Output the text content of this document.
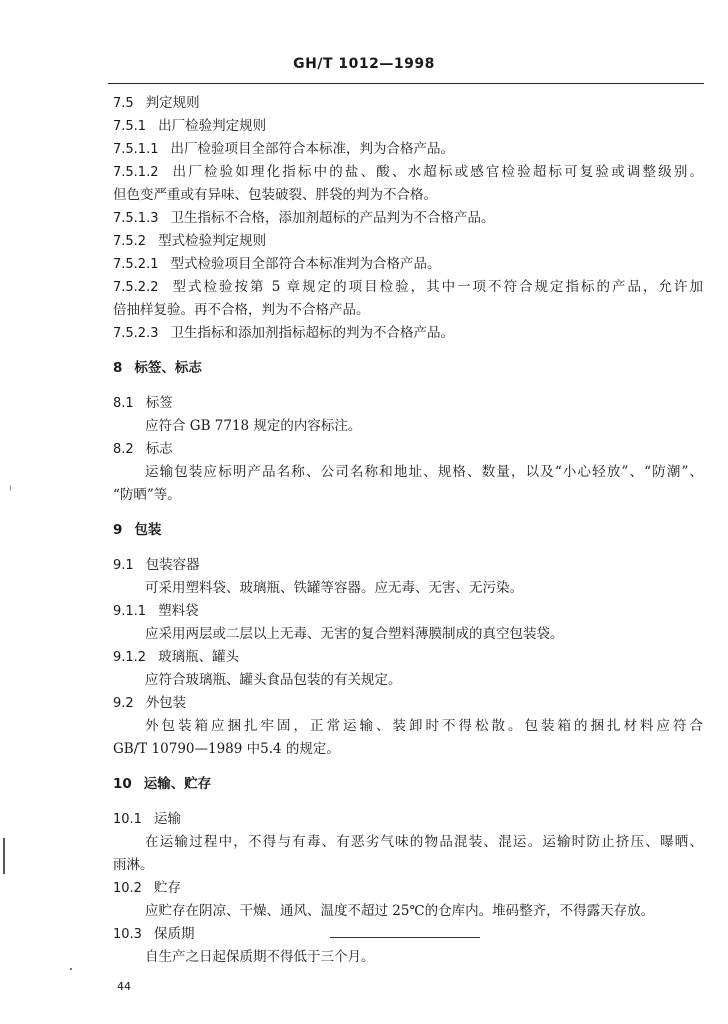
GH/T 1012—1998
7.5 判定规则
7.5.1 出厂检验判定规则
7.5.1.1 出厂检验项目全部符合本标准，判为合格产品。
7.5.1.2 出厂检验如理化指标中的盐、酸、水超标或感官检验超标可复验或调整级别。
但色变严重或有异味、包装破裂、胖袋的判为不合格。
7.5.1.3 卫生指标不合格，添加剂超标的产品判为不合格产品。
7.5.2 型式检验判定规则
7.5.2.1 型式检验项目全部符合本标准判为合格产品。
7.5.2.2 型式检验按第 5 章规定的项目检验，其中一项不符合规定指标的产品，允许加
倍抽样复验。再不合格，判为不合格产品。
7.5.2.3 卫生指标和添加剂指标超标的判为不合格产品。
8 标签、标志
8.1 标签
应符合 GB 7718 规定的内容标注。
8.2 标志
运输包装应标明产品名称、公司名称和地址、规格、数量，以及“小心轻放”、“防潮”、
“防晒”等。
9 包装
9.1 包装容器
可采用塑料袋、玻璃瓶、铁罐等容器。应无毒、无害、无污染。
9.1.1 塑料袋
应采用两层或二层以上无毒、无害的复合塑料薄膜制成的真空包装袋。
9.1.2 玻璃瓶、罐头
应符合玻璃瓶、罐头食品包装的有关规定。
9.2 外包装
外包装箱应捆扎牢固，正常运输、装卸时不得松散。包装箱的捆扎材料应符合
GB/T 10790—1989 中5.4 的规定。
10 运输、贮存
10.1 运输
在运输过程中，不得与有毒、有恶劣气味的物品混装、混运。运输时防止挤压、曝晒、
雨淋。
10.2 贮存
应贮存在阴凉、干燥、通风、温度不超过 25℃的仓库内。堆码整齐，不得露天存放。
10.3 保质期
自生产之日起保质期不得低于三个月。
44
